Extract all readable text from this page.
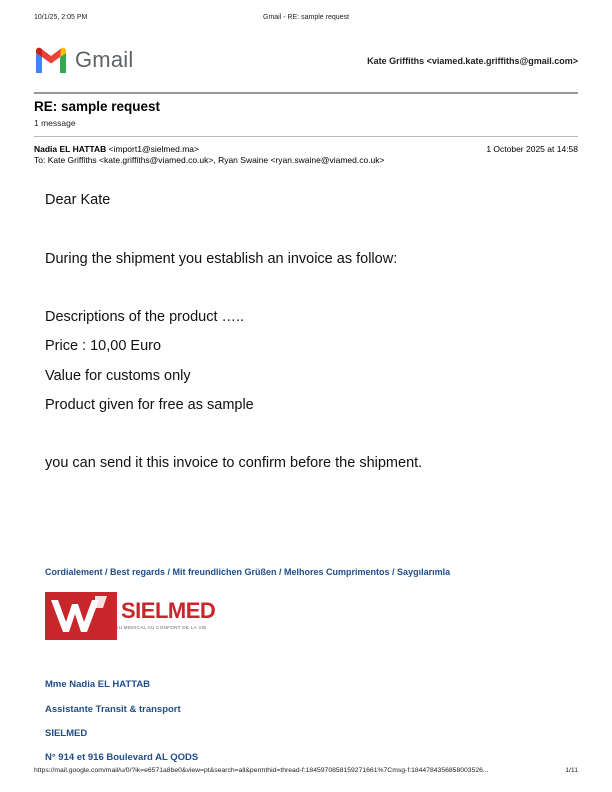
10/1/25, 2:05 PM	Gmail - RE: sample request
Gmail	Kate Griffiths <viamed.kate.griffiths@gmail.com>
RE: sample request
1 message
Nadia EL HATTAB <import1@sielmed.ma>	1 October 2025 at 14:58
To: Kate Griffiths <kate.griffiths@viamed.co.uk>, Ryan Swaine <ryan.swaine@viamed.co.uk>
Dear Kate
During the shipment you establish an invoice as follow:
Descriptions of the product …..
Price : 10,00 Euro
Value for customs only
Product given for free as sample
you can send it this invoice to confirm before the shipment.
Cordialement / Best regards / Mit freundlichen Grüßen / Melhores Cumprimentos / Saygılarımla
SIELMED
DU MEDICAL AU CONFORT DE LA VIE
Mme Nadia EL HATTAB
Assistante Transit & transport
SIELMED
N° 914 et 916 Boulevard AL QODS
https://mail.google.com/mail/u/0/?ik=e6571a8be0&view=pt&search=all&permthid=thread-f:1845970858159271661%7Cmsg-f:1844784356858003526...	1/11
